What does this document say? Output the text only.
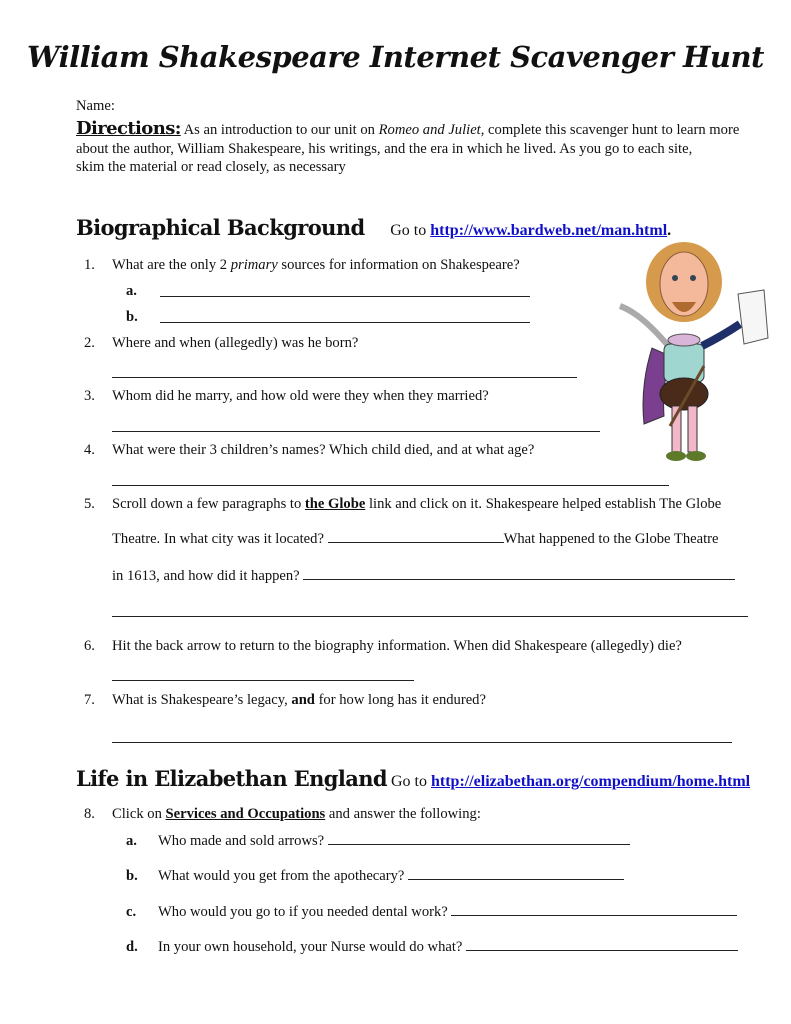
William Shakespeare Internet Scavenger Hunt
Name:
Directions: As an introduction to our unit on Romeo and Juliet, complete this scavenger hunt to learn more
about the author, William Shakespeare, his writings, and the era in which he lived. As you go to each site,
skim the material or read closely, as necessary
Biographical Background Go to http://www.bardweb.net/man.html.
1. What are the only 2 primary sources for information on Shakespeare?
a.
b.
2. Where and when (allegedly) was he born?
3. Whom did he marry, and how old were they when they married?
4. What were their 3 children’s names? Which child died, and at what age?
5. Scroll down a few paragraphs to the Globe link and click on it. Shakespeare helped establish The Globe
Theatre. In what city was it located?	What happened to the Globe Theatre
in 1613, and how did it happen?
6. Hit the back arrow to return to the biography information. When did Shakespeare (allegedly) die?
7. What is Shakespeare’s legacy, and for how long has it endured?
Life in Elizabethan England Go to http://elizabethan.org/compendium/home.html
8. Click on Services and Occupations and answer the following:
a. Who made and sold arrows?
b. What would you get from the apothecary?
c. Who would you go to if you needed dental work?
d. In your own household, your Nurse would do what?
